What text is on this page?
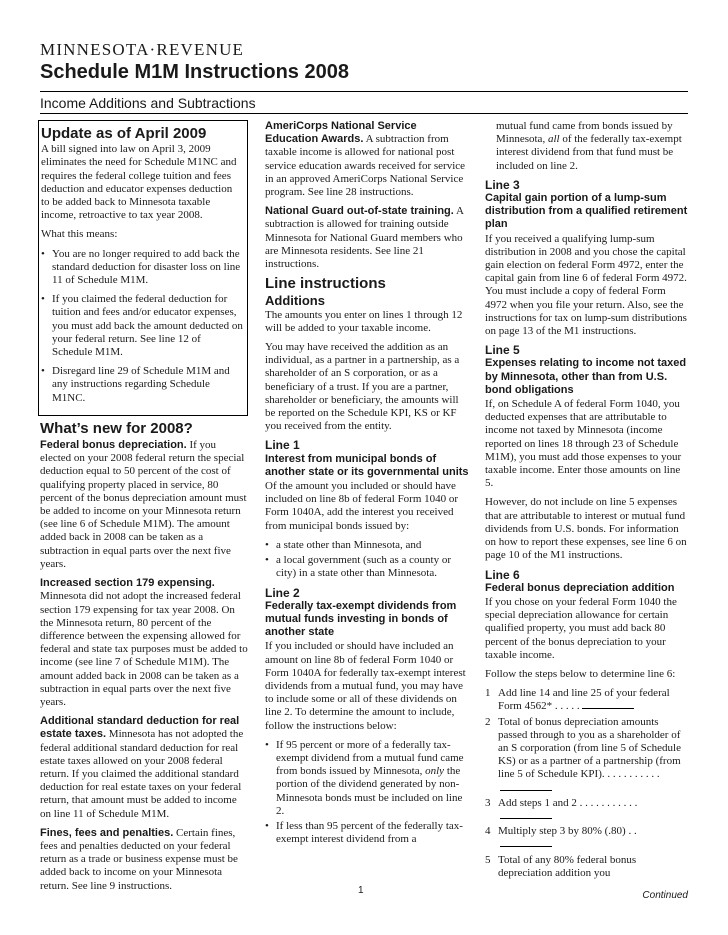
MINNESOTA·REVENUE
Schedule M1M Instructions 2008
Income Additions and Subtractions
Update as of April 2009

A bill signed into law on April 3, 2009 eliminates the need for Schedule M1NC and requires the federal college tuition and fees deduction and educator expenses deduction to be added back to Minnesota taxable income, retroactive to tax year 2008.

What this means:

• You are no longer required to add back the standard deduction for disaster loss on line 11 of Schedule M1M.
• If you claimed the federal deduction for tuition and fees and/or educator expenses, you must add back the amount deducted on your federal return. See line 12 of Schedule M1M.
• Disregard line 29 of Schedule M1M and any instructions regarding Schedule M1NC.
What’s new for 2008?

Federal bonus depreciation. If you elected on your 2008 federal return the special deduction equal to 50 percent of the cost of qualifying property placed in service, 80 percent of the bonus depreciation amount must be added to income on your Minnesota return (see line 6 of Schedule M1M). The amount added back in 2008 can be taken as a subtraction in equal parts over the next five years.

Increased section 179 expensing. Minnesota did not adopt the increased federal section 179 expensing for tax year 2008. On the Minnesota return, 80 percent of the difference between the expensing allowed for federal and state tax purposes must be added to income (see line 7 of Schedule M1M). The amount added back in 2008 can be taken as a subtraction in equal parts over the next five years.

Additional standard deduction for real estate taxes. Minnesota has not adopted the federal additional standard deduction for real estate taxes allowed on your 2008 federal return. If you claimed the additional standard deduction for real estate taxes on your federal return, that amount must be added to income on line 11 of Schedule M1M.

Fines, fees and penalties. Certain fines, fees and penalties deducted on your federal return as a trade or business expense must be added back to income on your Minnesota return. See line 9 instructions.

AmeriCorps National Service Education Awards. A subtraction from taxable income is allowed for national post service education awards received for service in an approved AmeriCorps National Service program. See line 28 instructions.

National Guard out-of-state training. A subtraction is allowed for training outside Minnesota for National Guard members who are Minnesota residents. See line 21 instructions.

Line instructions
Additions

The amounts you enter on lines 1 through 12 will be added to your taxable income.

You may have received the addition as an individual, as a partner in a partnership, as a shareholder of an S corporation, or as a beneficiary of a trust. If you are a partner, shareholder or beneficiary, the amounts will be reported on the Schedule KPI, KS or KF you received from the entity.

Line 1
Interest from municipal bonds of another state or its governmental units

Of the amount you included or should have included on line 8b of federal Form 1040 or Form 1040A, add the interest you received from municipal bonds issued by:

• a state other than Minnesota, and
• a local government (such as a county or city) in a state other than Minnesota.
Line 2
Federally tax-exempt dividends from mutual funds investing in bonds of another state

If you included or should have included an amount on line 8b of federal Form 1040 or Form 1040A for federally tax-exempt interest dividends from a mutual fund, you may have to include some or all of these dividends on line 2. To determine the amount to include, follow the instructions below:

• If 95 percent or more of a federally tax-exempt dividend from a mutual fund came from bonds issued by Minnesota, only the portion of the dividend generated by non-Minnesota bonds must be included on line 2.
• If less than 95 percent of the federally tax-exempt interest dividend from a

mutual fund came from bonds issued by Minnesota, all of the federally tax-exempt interest dividend from that fund must be included on line 2.

Line 3
Capital gain portion of a lump-sum distribution from a qualified retirement plan

If you received a qualifying lump-sum distribution in 2008 and you chose the capital gain election on federal Form 4972, enter the capital gain from line 6 of federal Form 4972. You must include a copy of federal Form 4972 when you file your return. Also, see the instructions for tax on lump-sum distributions on page 13 of the M1 instructions.

Line 5
Expenses relating to income not taxed by Minnesota, other than from U.S. bond obligations

If, on Schedule A of federal Form 1040, you deducted expenses that are attributable to income not taxed by Minnesota (income reported on lines 18 through 23 of Schedule M1M), you must add those expenses to your taxable income. Enter those amounts on line 5.

However, do not include on line 5 expenses that are attributable to interest or mutual fund dividends from U.S. bonds. For information on how to report these expenses, see line 6 on page 10 of the M1 instructions.

Line 6
Federal bonus depreciation addition

If you chose on your federal Form 1040 the special depreciation allowance for certain qualified property, you must add back 80 percent of the bonus depreciation to your taxable income.

Follow the steps below to determine line 6:

1 Add line 14 and line 25 of your federal Form 4562* . . . . .
2 Total of bonus depreciation amounts passed through to you as a shareholder of an S corporation (from line 5 of Schedule KS) or as a partner of a partnership (from line 5 of Schedule KPI). . . . . . . . . . .
3 Add steps 1 and 2 . . . . . . . . . . .
4 Multiply step 3 by 80% (.80) . .
5 Total of any 80% federal bonus depreciation addition you
1	Continued
